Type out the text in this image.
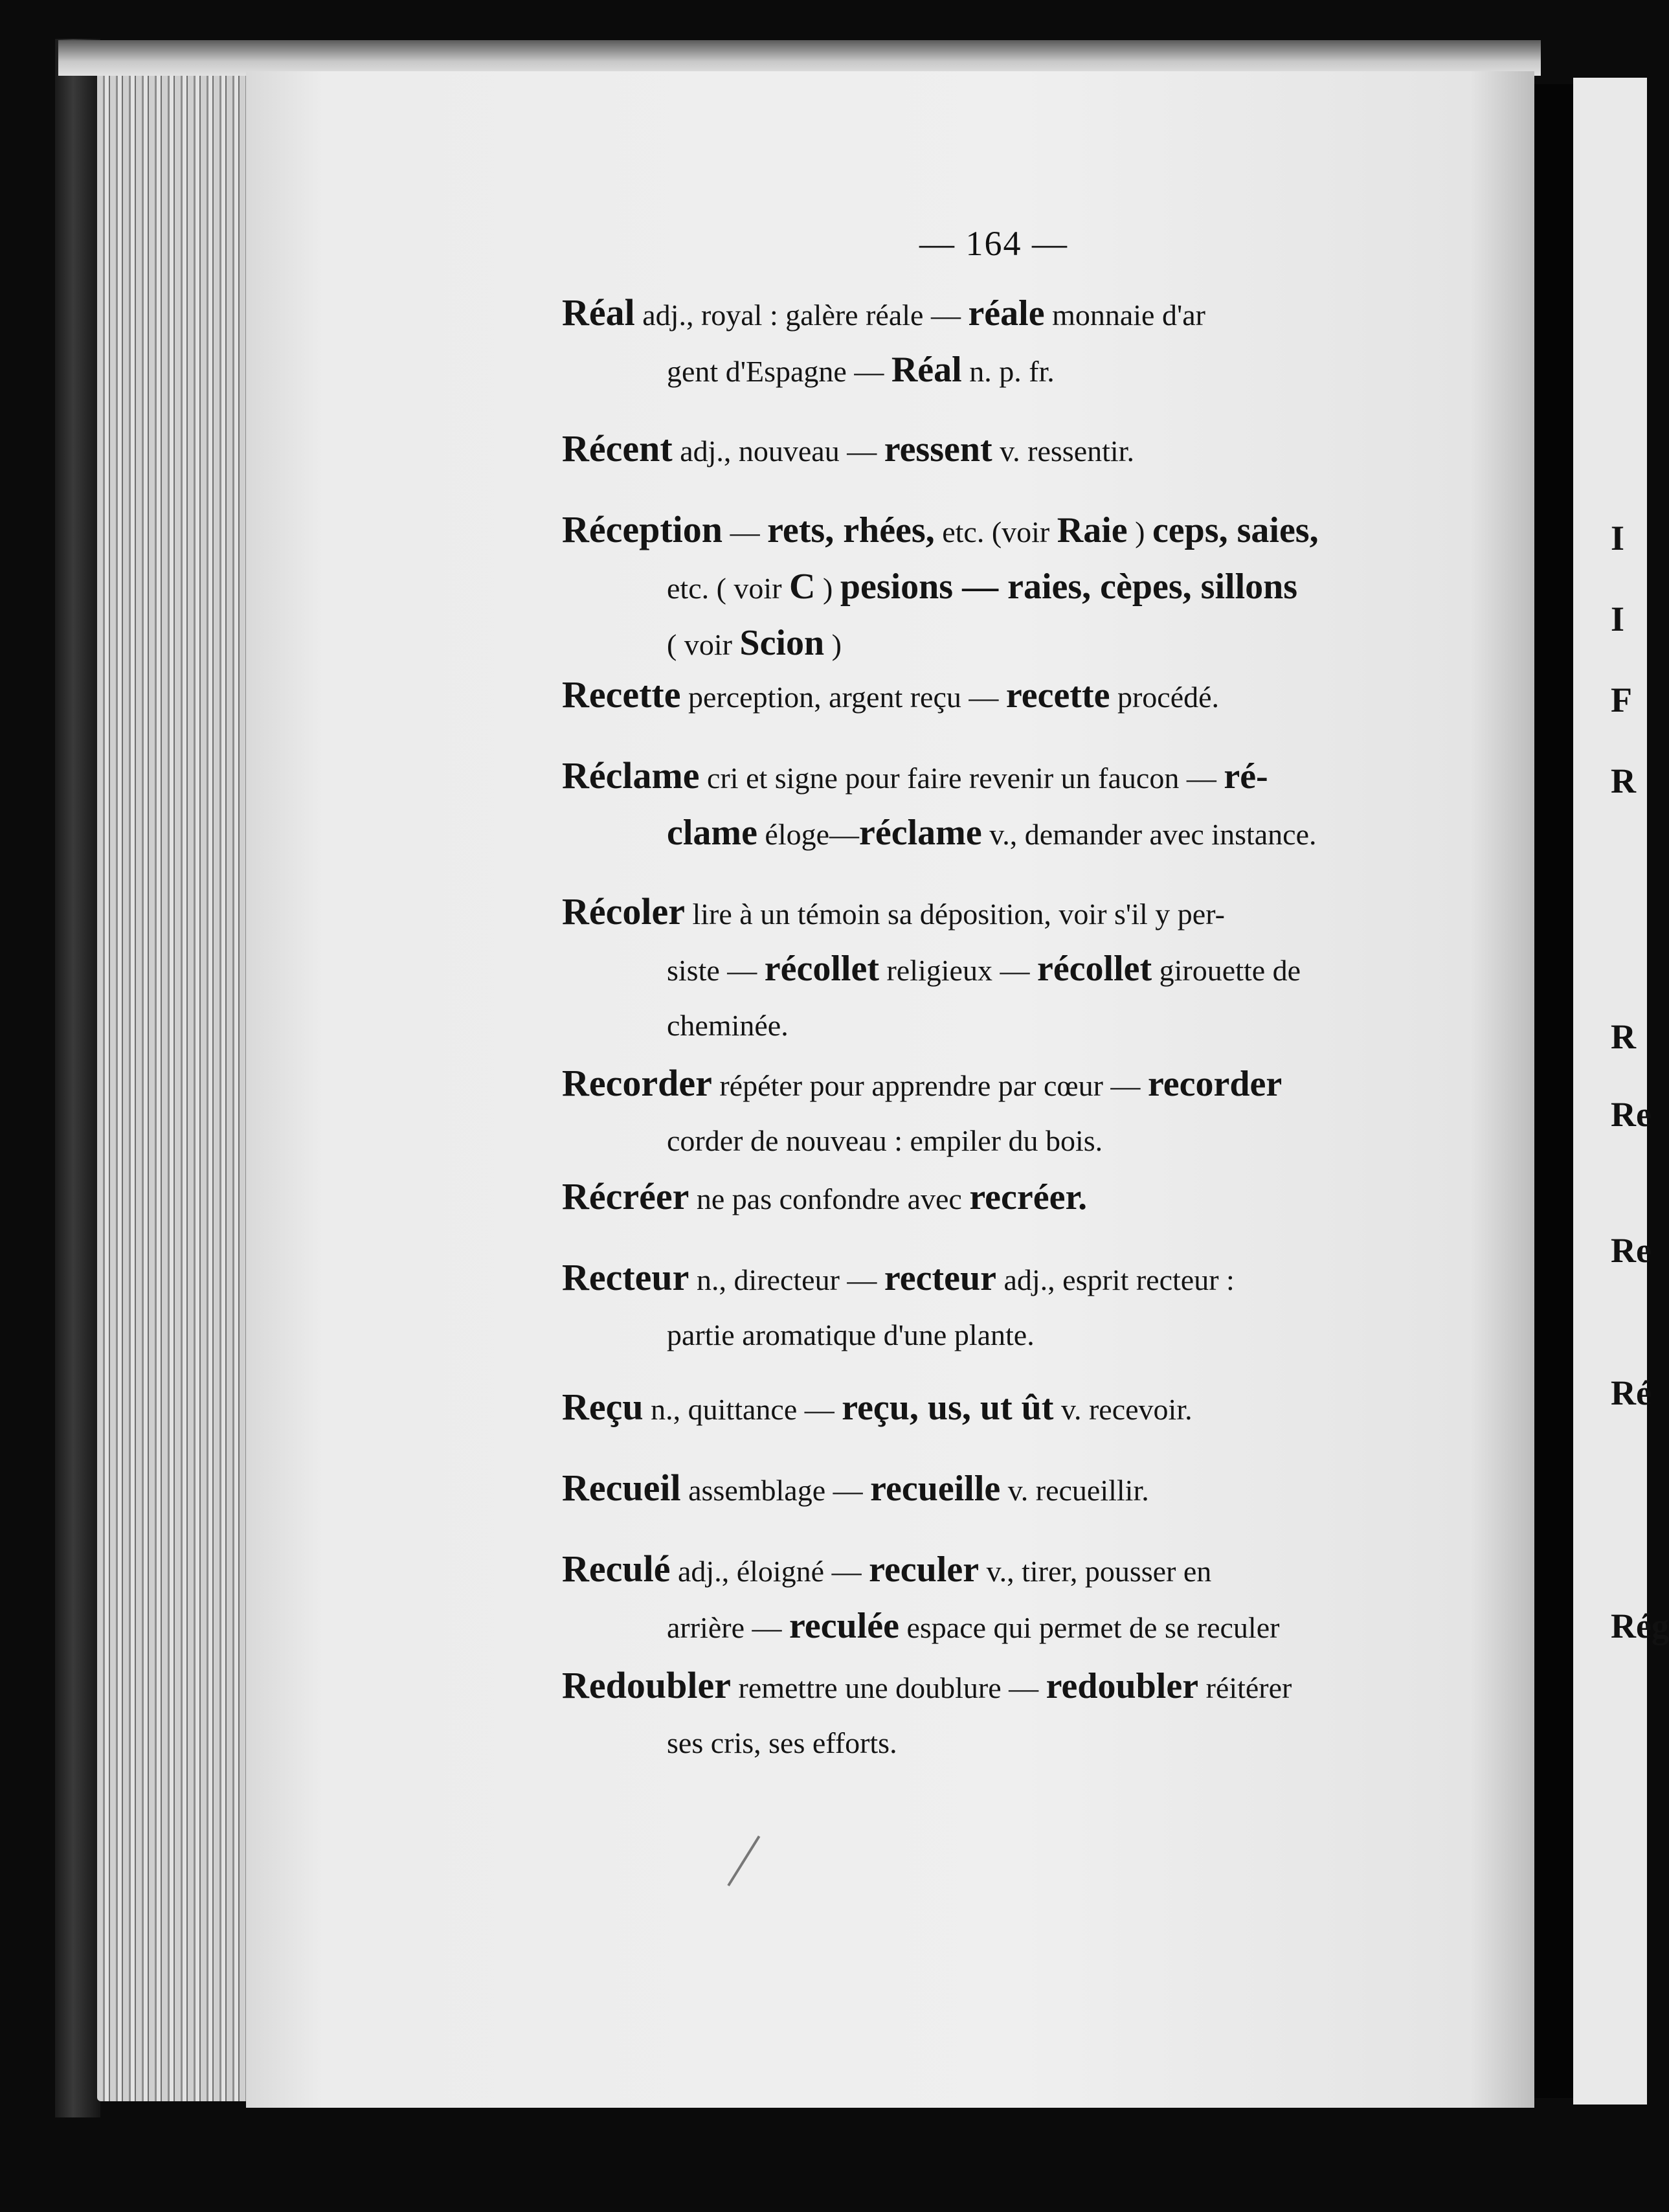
— 164 —
Réal adj., royal : galère réale — réale monnaie d'ar
gent d'Espagne — Réal n. p. fr.
Récent adj., nouveau — ressent v. ressentir.
Réception — rets, rhées, etc. (voir Raie ) ceps, saies,
etc. ( voir C ) pesions — raies, cèpes, sillons
( voir Scion )
Recette perception, argent reçu — recette procédé.
Réclame cri et signe pour faire revenir un faucon — ré-
clame éloge—réclame v., demander avec instance.
Récoler lire à un témoin sa déposition, voir s'il y per-
siste — récollet religieux — récollet girouette de
cheminée.
Recorder répéter pour apprendre par cœur — recorder
corder de nouveau : empiler du bois.
Récréer ne pas confondre avec recréer.
Recteur n., directeur — recteur adj., esprit recteur :
partie aromatique d'une plante.
Reçu n., quittance — reçu, us, ut ût v. recevoir.
Recueil assemblage — recueille v. recueillir.
Reculé adj., éloigné — reculer v., tirer, pousser en
arrière — reculée espace qui permet de se reculer
Redoubler remettre une doublure — redoubler réitérer
ses cris, ses efforts.
I
I
F
R
R
Re
Re
Ré
Rég
